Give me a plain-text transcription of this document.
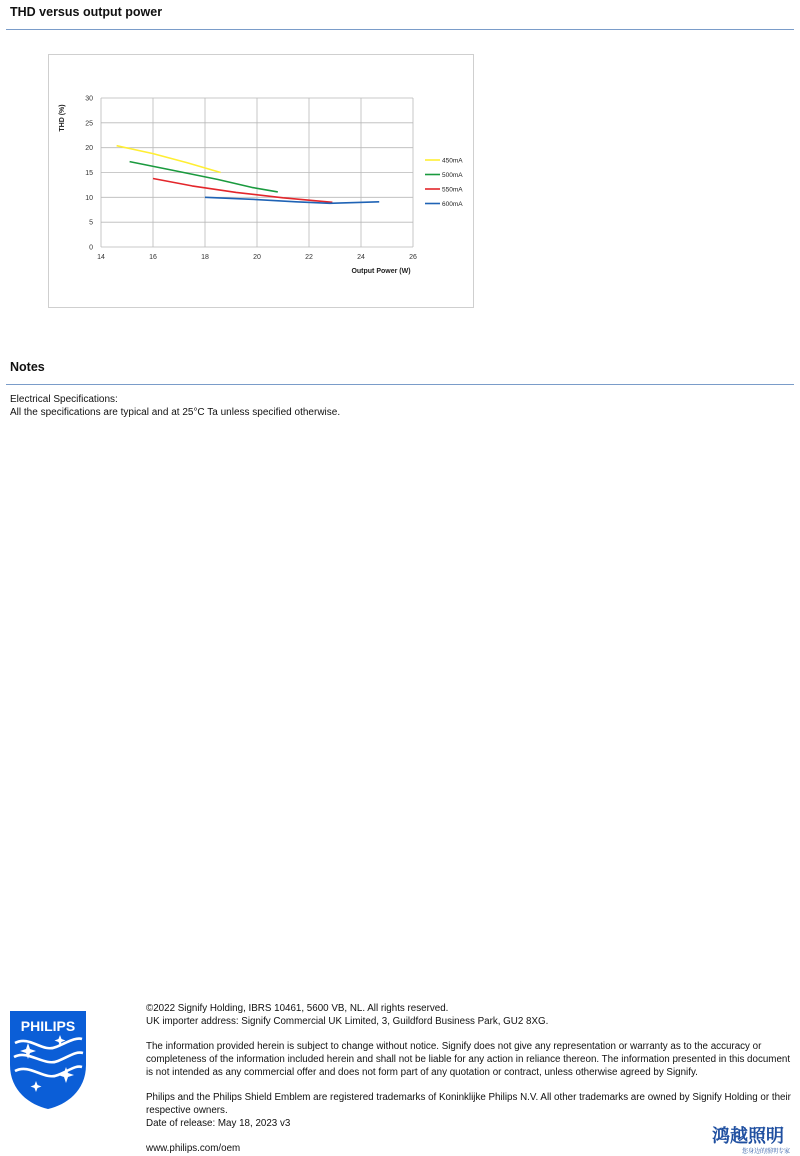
THD versus output power
14	16	18	20	22	24	26
0
5
10
15
20
25
30
450mA
500mA
550mA
600mA
THD (%)
Output Power (W)
Notes
Electrical Specifications:
All the specifications are typical and at 25°C Ta unless specified otherwise.
PHILIPS
©2022 Signify Holding, IBRS 10461, 5600 VB, NL. All rights reserved.
UK importer address: Signify Commercial UK Limited, 3, Guildford Business Park, GU2 8XG.
The information provided herein is subject to change without notice. Signify does not give any representation or warranty as to the accuracy or completeness of the information included herein and shall not be liable for any action in reliance thereon. The information presented in this document is not intended as any commercial offer and does not form part of any quotation or contract, unless otherwise agreed by Signify.
Philips and the Philips Shield Emblem are registered trademarks of Koninklijke Philips N.V. All other trademarks are owned by Signify Holding or their respective owners.
Date of release: May 18, 2023 v3
www.philips.com/oem
鸿越照明
您身边的照明专家
